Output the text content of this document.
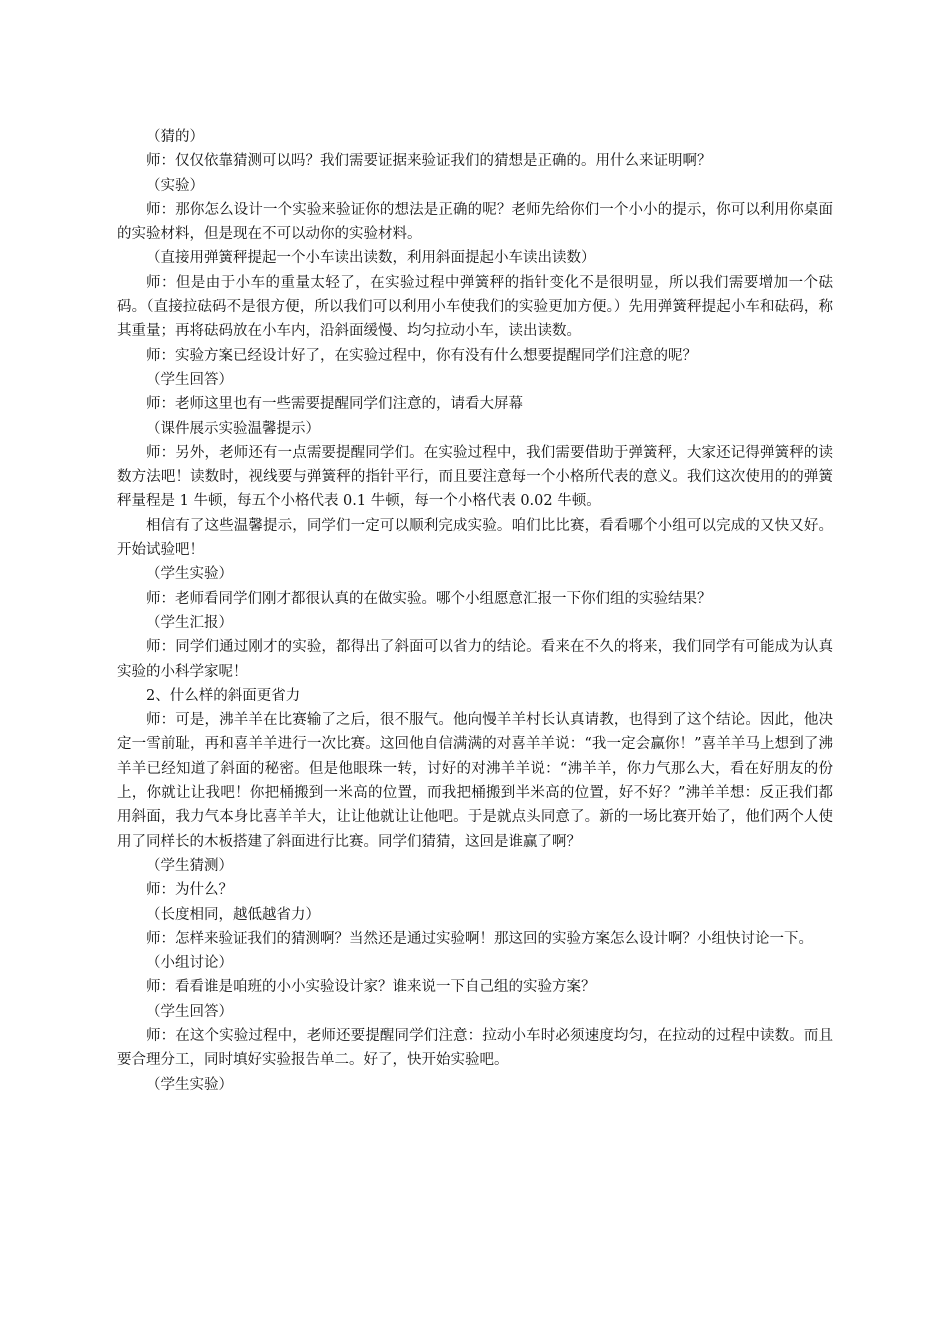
（猜的）

师：仅仅依靠猜测可以吗？我们需要证据来验证我们的猜想是正确的。用什么来证明啊？

（实验）

师：那你怎么设计一个实验来验证你的想法是正确的呢？老师先给你们一个小小的提示，你可以利用你桌面的实验材料，但是现在不可以动你的实验材料。

（直接用弹簧秤提起一个小车读出读数，利用斜面提起小车读出读数）

师：但是由于小车的重量太轻了，在实验过程中弹簧秤的指针变化不是很明显，所以我们需要增加一个砝码。（直接拉砝码不是很方便，所以我们可以利用小车使我们的实验更加方便。）先用弹簧秤提起小车和砝码，称其重量；再将砝码放在小车内，沿斜面缓慢、均匀拉动小车，读出读数。

师：实验方案已经设计好了，在实验过程中，你有没有什么想要提醒同学们注意的呢？

（学生回答）

师：老师这里也有一些需要提醒同学们注意的，请看大屏幕

（课件展示实验温馨提示）

师：另外，老师还有一点需要提醒同学们。在实验过程中，我们需要借助于弹簧秤，大家还记得弹簧秤的读数方法吧！读数时，视线要与弹簧秤的指针平行，而且要注意每一个小格所代表的意义。我们这次使用的的弹簧秤量程是 1 牛顿，每五个小格代表 0.1 牛顿，每一个小格代表 0.02 牛顿。

相信有了这些温馨提示，同学们一定可以顺利完成实验。咱们比比赛，看看哪个小组可以完成的又快又好。开始试验吧！

（学生实验）

师：老师看同学们刚才都很认真的在做实验。哪个小组愿意汇报一下你们组的实验结果？

（学生汇报）

师：同学们通过刚才的实验，都得出了斜面可以省力的结论。看来在不久的将来，我们同学有可能成为认真实验的小科学家呢！

2、什么样的斜面更省力

师：可是，沸羊羊在比赛输了之后，很不服气。他向慢羊羊村长认真请教，也得到了这个结论。因此，他决定一雪前耻，再和喜羊羊进行一次比赛。这回他自信满满的对喜羊羊说：“我一定会赢你！”喜羊羊马上想到了沸羊羊已经知道了斜面的秘密。但是他眼珠一转，讨好的对沸羊羊说：“沸羊羊，你力气那么大，看在好朋友的份上，你就让让我吧！你把桶搬到一米高的位置，而我把桶搬到半米高的位置，好不好？”沸羊羊想：反正我们都用斜面，我力气本身比喜羊羊大，让让他就让让他吧。于是就点头同意了。新的一场比赛开始了，他们两个人使用了同样长的木板搭建了斜面进行比赛。同学们猜猜，这回是谁赢了啊？

（学生猜测）

师：为什么？

（长度相同，越低越省力）

师：怎样来验证我们的猜测啊？当然还是通过实验啊！那这回的实验方案怎么设计啊？小组快讨论一下。

（小组讨论）

师：看看谁是咱班的小小实验设计家？谁来说一下自己组的实验方案？

（学生回答）

师：在这个实验过程中，老师还要提醒同学们注意：拉动小车时必须速度均匀，在拉动的过程中读数。而且要合理分工，同时填好实验报告单二。好了，快开始实验吧。

（学生实验）
